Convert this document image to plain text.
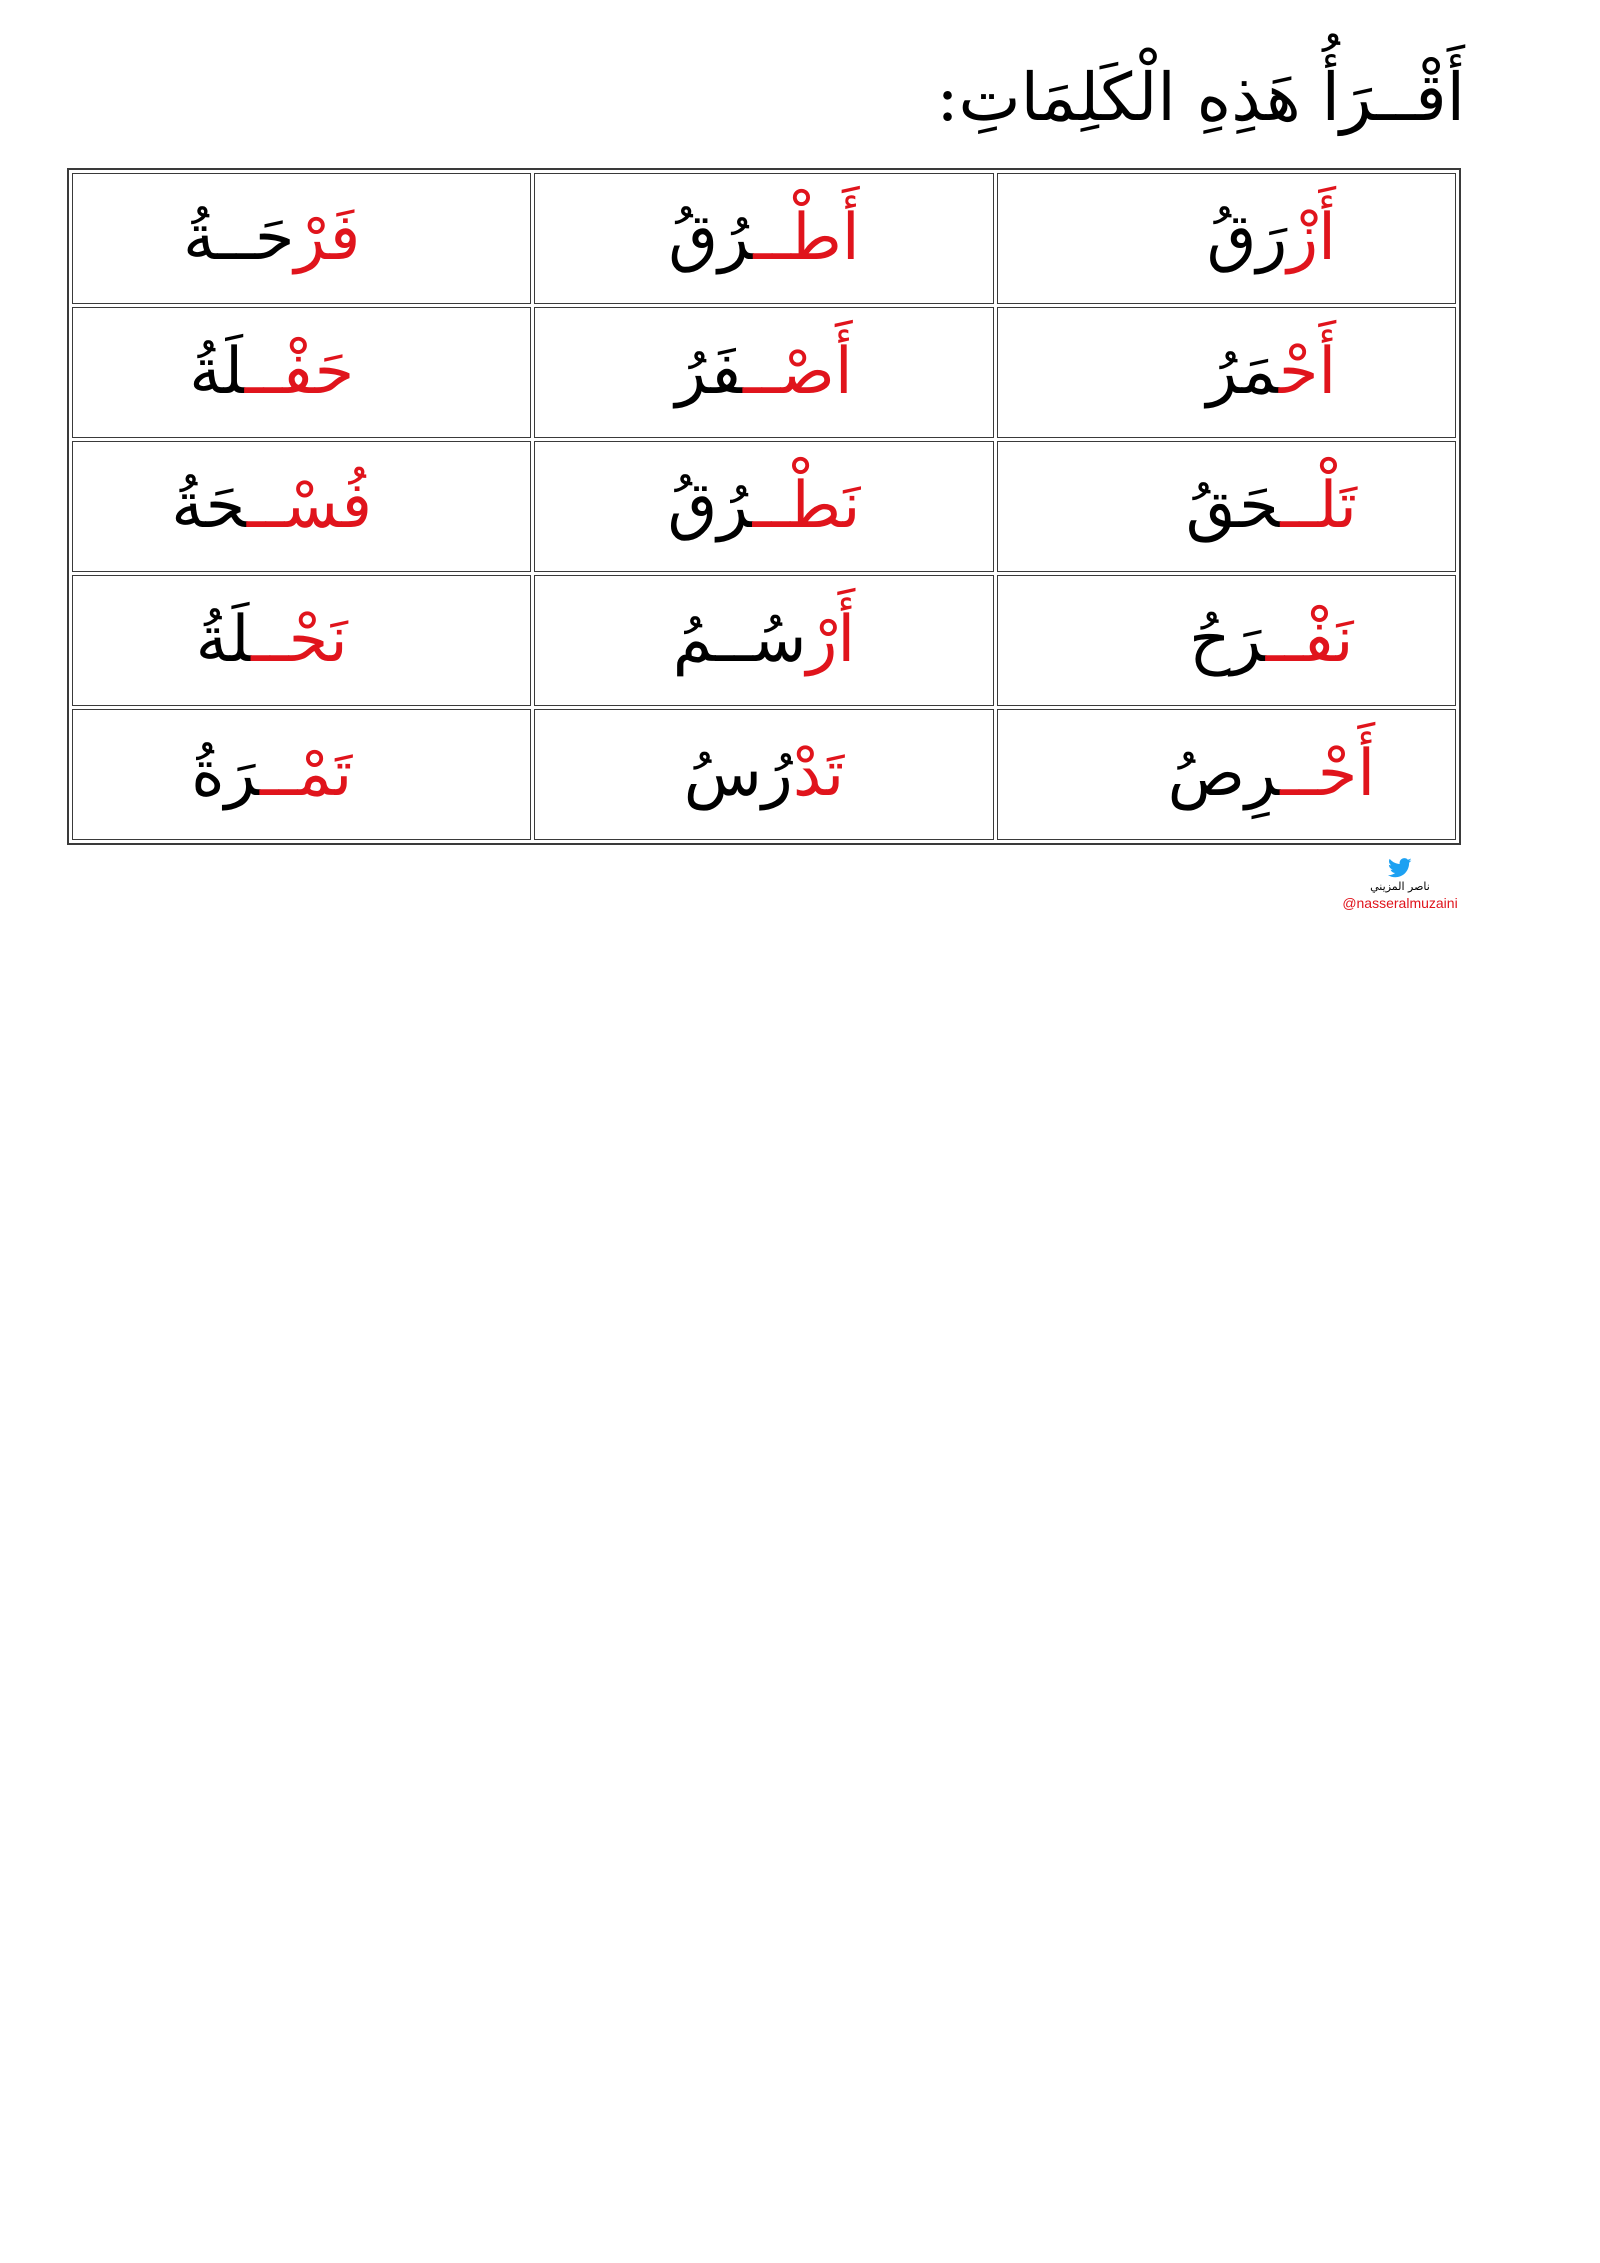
أَقْــرَأُ هَذِهِ الْكَلِمَاتِ:
أَزْرَقُ	أَطْــرُقُ	فَرْحَــةُ
أَحْمَرُ	أَصْــفَرُ	حَفْــلَةُ
تَلْــحَقُ	نَطْــرُقُ	فُسْــحَةُ
نَفْــرَحُ	أَرْسُــمُ	نَحْــلَةُ
أَحْــرِصُ	تَدْرُسُ	تَمْــرَةُ
ناصر المزيني
@nasseralmuzaini
